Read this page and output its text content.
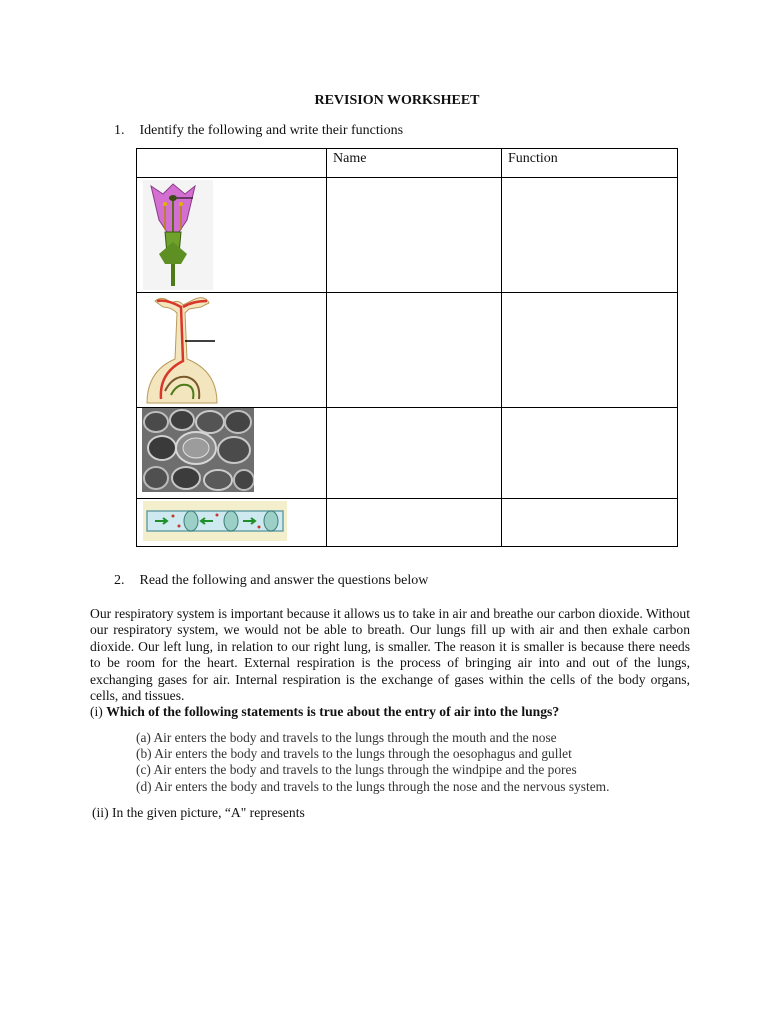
REVISION WORKSHEET
1. Identify the following and write their functions
	Name	Function

2. Read the following and answer the questions below
Our respiratory system is important because it allows us to take in air and breathe our carbon dioxide. Without our respiratory system, we would not be able to breath. Our lungs fill up with air and then exhale carbon dioxide. Our left lung, in relation to our right lung, is smaller. The reason it is smaller is because there needs to be room for the heart. External respiration is the process of bringing air into and out of the lungs, exchanging gases for air. Internal respiration is the exchange of gases within the cells of the body organs, cells, and tissues.
(i) Which of the following statements is true about the entry of air into the lungs?
(a) Air enters the body and travels to the lungs through the mouth and the nose
(b) Air enters the body and travels to the lungs through the oesophagus and gullet
(c) Air enters the body and travels to the lungs through the windpipe and the pores
(d) Air enters the body and travels to the lungs through the nose and the nervous system.
(ii) In the given picture, “A" represents
